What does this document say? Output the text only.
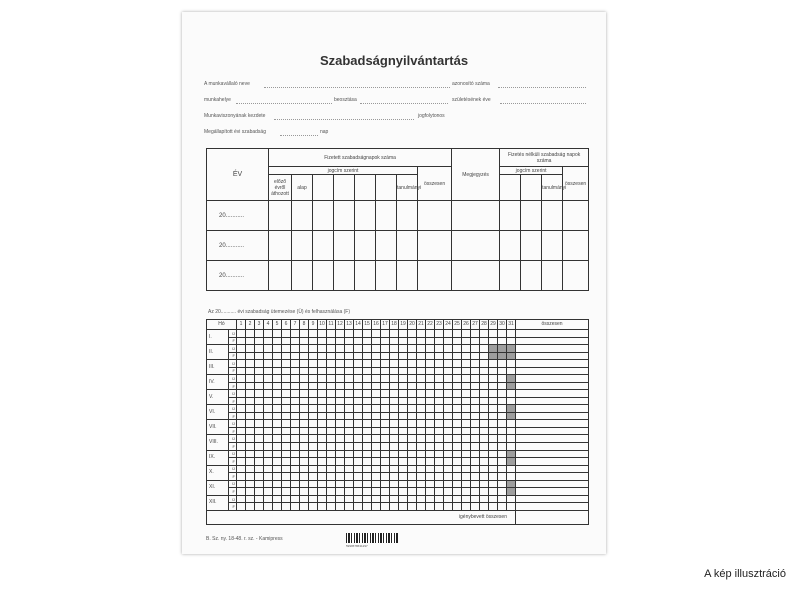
Szabadságnyilvántartás
A munkavállaló neve	azonosító száma
munkahelye	beosztása	születésének éve
Munkaviszonyának kezdete	jogfolytonos
Megállapított évi szabadság	nap
ÉV	Fizetett szabadságnapok száma								Megjegyzés	Fizetés nélküli szabadság napok száma			
	jogcím szerint							összesen		jogcím szerint			összesen
	előző évről áthozott	alap					tanulmányi					tanulmányi	
20...........													
20...........													
20...........													
Az 20........... évi szabadság ütemezése (Ü) és felhasználása (F)
Hó		1	2	3	4	5	6	7	8	9	10	11	12	13	14	15	16	17	18	19	20	21	22	23	24	25	26	27	28	29	30	31	összesen
I.	Ü																																
	F																																
II.	Ü																																
	F																																
III.	Ü																																
	F																																
IV.	Ü																																
	F																																
V.	Ü																																
	F																																
VI.	Ü																																
	F																																
VII.	Ü																																
	F																																
VIII.	Ü																																
	F																																
IX.	Ü																																
	F																																
X.	Ü																																
	F																																
XI.	Ü																																
	F																																
XII.	Ü																																
	F																																
igénybevett összesen																																	
B. Sz. ny. 18-48. r. sz. - Kamipress
5999578631297
A kép illusztráció
